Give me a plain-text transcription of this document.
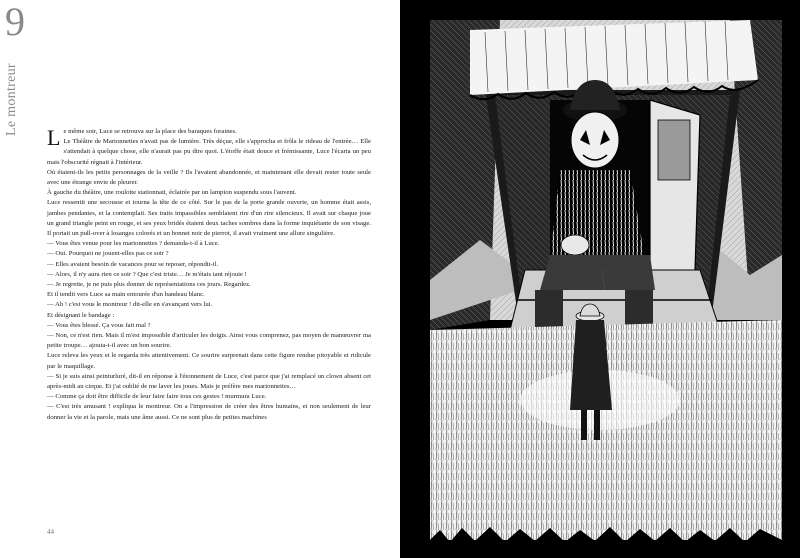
9
Le montreur

Le même soir, Luce se retrouva sur la place des baraques foraines.

Le Théâtre de Marionnettes n'avait pas de lumière. Très déçue, elle s'approcha et frôla le rideau de l'entrée… Elle s'attendait à quelque chose, elle n'aurait pas pu dire quoi. L'étoffe était douce et frémissante, Luce l'écarta un peu mais l'obscurité régnait à l'intérieur.

Où étaient-ils les petits personnages de la veille ? Ils l'avaient abandonnée, et maintenant elle devait rester toute seule avec une étrange envie de pleurer.

À gauche du théâtre, une roulotte stationnait, éclairée par un lampion suspendu sous l'auvent.

Luce ressentit une secousse et tourna la tête de ce côté. Sur le pas de la porte grande ouverte, un homme était assis, jambes pendantes, et la contemplait. Ses traits impassibles semblaient rire d'un rire silencieux. Il avait sur chaque joue un grand triangle peint en rouge, et ses yeux bridés étaient deux taches sombres dans la forme inquiétante de son visage. Il portait un pull-over à losanges colorés et un bonnet noir de pierrot, il avait vraiment une allure singulière.

— Vous êtes venue pour les marionnettes ? demanda-t-il à Luce.

— Oui. Pourquoi ne jouent-elles pas ce soir ?

— Elles avaient besoin de vacances pour se reposer, répondit-il.

— Alors, il n'y aura rien ce soir ? Que c'est triste… Je m'étais tant réjouie !

— Je regrette, je ne puis plus donner de représentations ces jours. Regardez.

Et il tendit vers Luce sa main entourée d'un bandeau blanc.

— Ah ! c'est vous le montreur ! dit-elle en s'avançant vers lui.

Et désignant le bandage :

— Vous êtes blessé. Ça vous fait mal ?

— Non, ce n'est rien. Mais il m'est impossible d'articuler les doigts. Ainsi vous comprenez, pas moyen de manœuvrer ma petite troupe… ajouta-t-il avec un bon sourire.

Luce releva les yeux et le regarda très attentivement. Ce sourire surprenait dans cette figure rendue pitoyable et ridicule par le maquillage.

— Si je suis ainsi peinturluré, dit-il en réponse à l'étonnement de Luce, c'est parce que j'ai remplacé un clown absent cet après-midi au cirque. Et j'ai oublié de me laver les joues. Mais je préfère mes marionnettes…

— Comme ça doit être difficile de leur faire faire tous ces gestes ! murmura Luce.

— C'est très amusant ! expliqua le montreur. On a l'impression de créer des êtres humains, et non seulement de leur donner la vie et la parole, mais une âme aussi. Ce ne sont plus de petites machines

44
